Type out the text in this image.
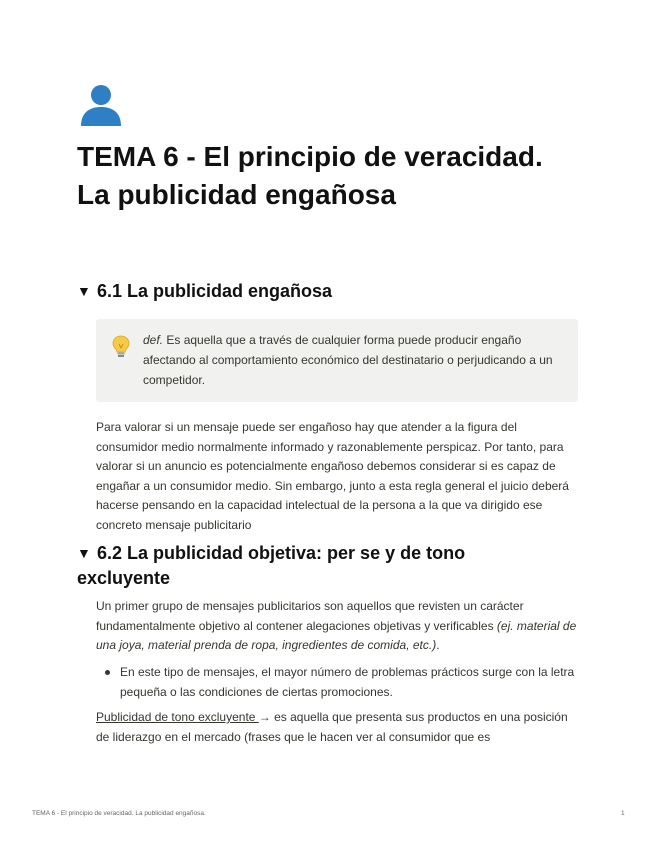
TEMA 6 - El principio de veracidad. La publicidad engañosa
▼ 6.1 La publicidad engañosa
def. Es aquella que a través de cualquier forma puede producir engaño afectando al comportamiento económico del destinatario o perjudicando a un competidor.

Para valorar si un mensaje puede ser engañoso hay que atender a la figura del consumidor medio normalmente informado y razonablemente perspicaz. Por tanto, para valorar si un anuncio es potencialmente engañoso debemos considerar si es capaz de engañar a un consumidor medio. Sin embargo, junto a esta regla general el juicio deberá hacerse pensando en la capacidad intelectual de la persona a la que va dirigido ese concreto mensaje publicitario

▼ 6.2 La publicidad objetiva: per se y de tono excluyente

Un primer grupo de mensajes publicitarios son aquellos que revisten un carácter fundamentalmente objetivo al contener alegaciones objetivas y verificables (ej. material de una joya, material prenda de ropa, ingredientes de comida, etc.).

En este tipo de mensajes, el mayor número de problemas prácticos surge con la letra pequeña o las condiciones de ciertas promociones.

Publicidad de tono excluyente → es aquella que presenta sus productos en una posición de liderazgo en el mercado (frases que le hacen ver al consumidor que es

TEMA 6 - El principio de veracidad. La publicidad engañosa.	1
